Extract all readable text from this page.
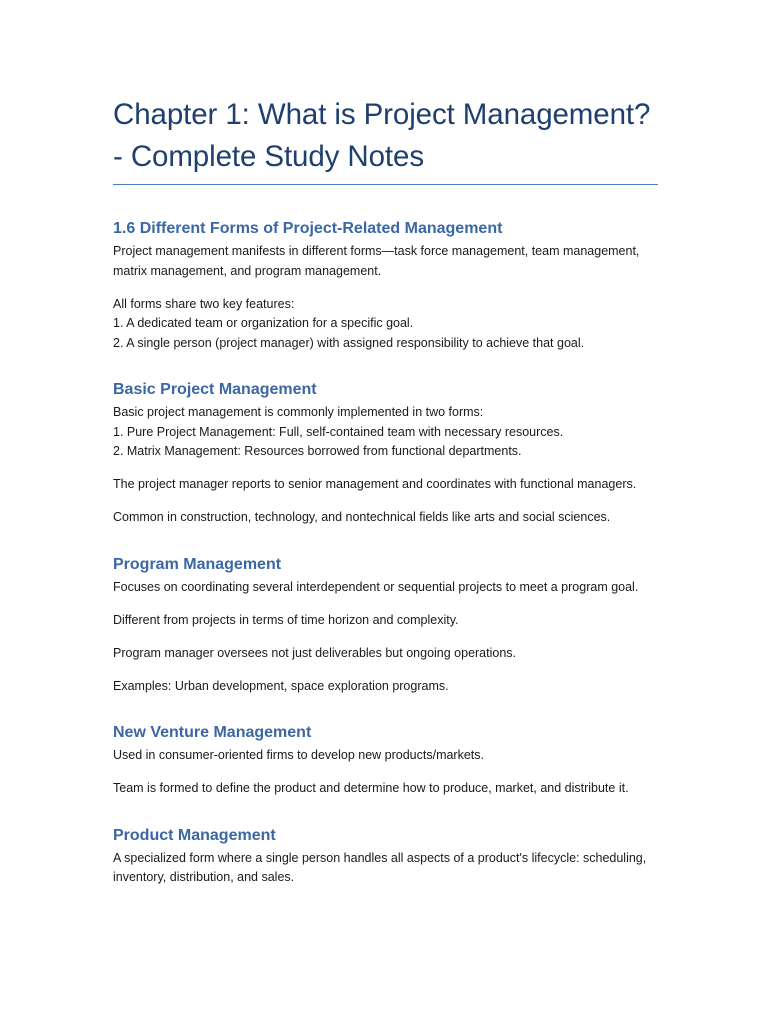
Chapter 1: What is Project Management? - Complete Study Notes
1.6 Different Forms of Project-Related Management

Project management manifests in different forms—task force management, team management, matrix management, and program management.

All forms share two key features:
1. A dedicated team or organization for a specific goal.
2. A single person (project manager) with assigned responsibility to achieve that goal.

Basic Project Management

Basic project management is commonly implemented in two forms:
1. Pure Project Management: Full, self-contained team with necessary resources.
2. Matrix Management: Resources borrowed from functional departments.

The project manager reports to senior management and coordinates with functional managers.

Common in construction, technology, and nontechnical fields like arts and social sciences.

Program Management

Focuses on coordinating several interdependent or sequential projects to meet a program goal.

Different from projects in terms of time horizon and complexity.

Program manager oversees not just deliverables but ongoing operations.

Examples: Urban development, space exploration programs.

New Venture Management

Used in consumer-oriented firms to develop new products/markets.

Team is formed to define the product and determine how to produce, market, and distribute it.

Product Management

A specialized form where a single person handles all aspects of a product's lifecycle: scheduling, inventory, distribution, and sales.
